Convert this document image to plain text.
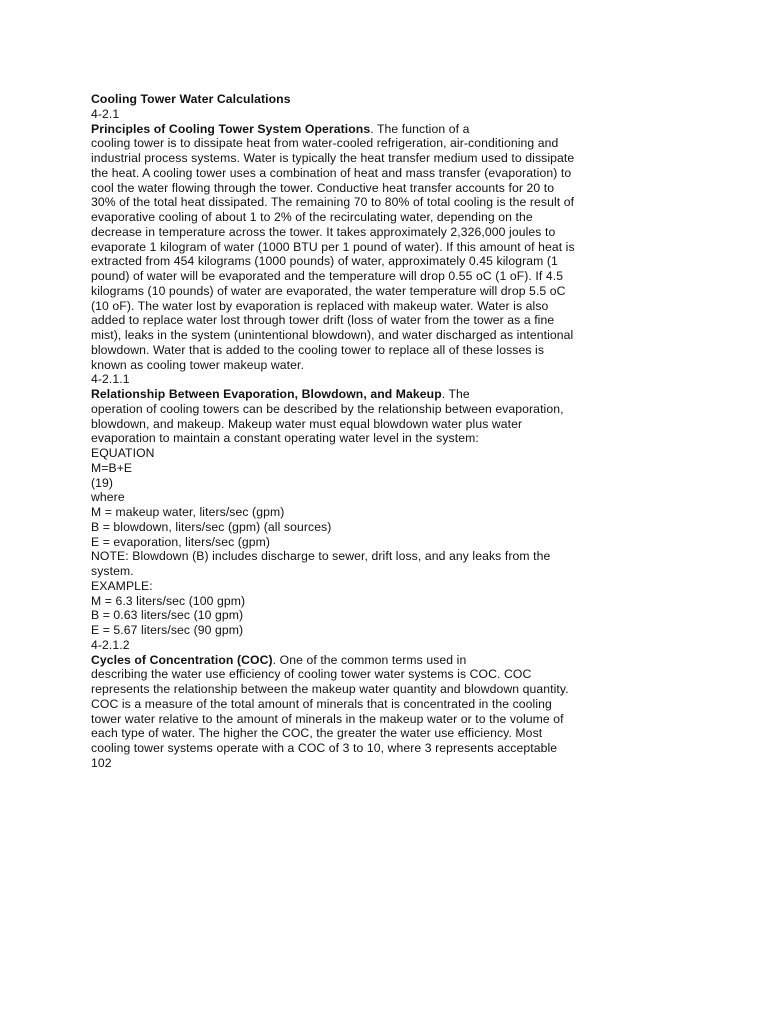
Cooling Tower Water Calculations

4-2.1

Principles of Cooling Tower System Operations. The function of a

cooling tower is to dissipate heat from water-cooled refrigeration, air-conditioning and

industrial process systems. Water is typically the heat transfer medium used to dissipate

the heat. A cooling tower uses a combination of heat and mass transfer (evaporation) to

cool the water flowing through the tower. Conductive heat transfer accounts for 20 to

30% of the total heat dissipated. The remaining 70 to 80% of total cooling is the result of

evaporative cooling of about 1 to 2% of the recirculating water, depending on the

decrease in temperature across the tower. It takes approximately 2,326,000 joules to

evaporate 1 kilogram of water (1000 BTU per 1 pound of water). If this amount of heat is

extracted from 454 kilograms (1000 pounds) of water, approximately 0.45 kilogram (1

pound) of water will be evaporated and the temperature will drop 0.55 oC (1 oF). If 4.5

kilograms (10 pounds) of water are evaporated, the water temperature will drop 5.5 oC

(10 oF). The water lost by evaporation is replaced with makeup water. Water is also

added to replace water lost through tower drift (loss of water from the tower as a fine

mist), leaks in the system (unintentional blowdown), and water discharged as intentional

blowdown. Water that is added to the cooling tower to replace all of these losses is

known as cooling tower makeup water.

4-2.1.1

Relationship Between Evaporation, Blowdown, and Makeup. The

operation of cooling towers can be described by the relationship between evaporation,

blowdown, and makeup. Makeup water must equal blowdown water plus water

evaporation to maintain a constant operating water level in the system:

EQUATION

M=B+E

(19)

where

M = makeup water, liters/sec (gpm)

B = blowdown, liters/sec (gpm) (all sources)

E = evaporation, liters/sec (gpm)

NOTE: Blowdown (B) includes discharge to sewer, drift loss, and any leaks from the

system.

EXAMPLE:

M = 6.3 liters/sec (100 gpm)

B = 0.63 liters/sec (10 gpm)

E = 5.67 liters/sec (90 gpm)

4-2.1.2

Cycles of Concentration (COC). One of the common terms used in

describing the water use efficiency of cooling tower water systems is COC. COC

represents the relationship between the makeup water quantity and blowdown quantity.

COC is a measure of the total amount of minerals that is concentrated in the cooling

tower water relative to the amount of minerals in the makeup water or to the volume of

each type of water. The higher the COC, the greater the water use efficiency. Most

cooling tower systems operate with a COC of 3 to 10, where 3 represents acceptable

102
